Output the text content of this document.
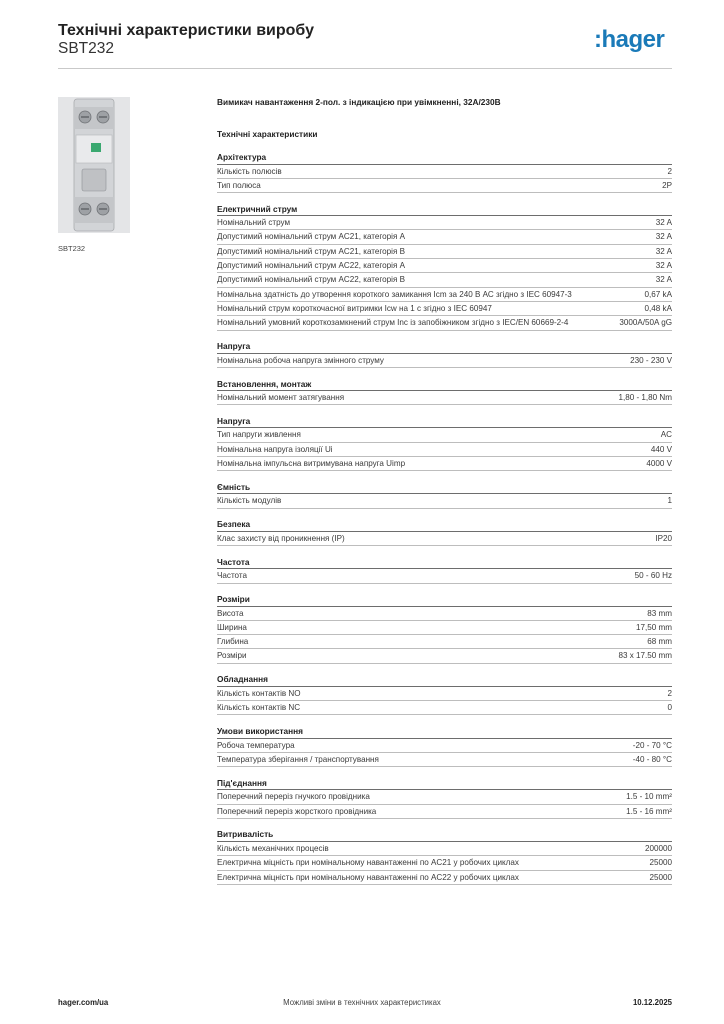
Технічні характеристики виробу
SBT232	:hager
SBT232
Вимикач навантаження 2-пол. з індикацією при увімкненні, 32А/230В
Технічні характеристики
Архітектура
Кількість полюсів	2
Тип полюса	2P
Електричний струм
Номінальний струм	32 A
Допустимий номінальний струм AC21, категорія A	32 A
Допустимий номінальний струм AC21, категорія B	32 A
Допустимий номінальний струм AC22, категорія A	32 A
Допустимий номінальний струм AC22, категорія B	32 A
Номінальна здатність до утворення короткого замикання Icm за 240 В АС згідно з IEC 60947-3	0,67 kA
Номінальний струм короткочасної витримки Icw на 1 с згідно з IEC 60947	0,48 kA
Номінальний умовний короткозамкнений струм Inc із запобіжником згідно з IEC/EN 60669-2-4	3000A/50A gG
Напруга
Номінальна робоча напруга змінного струму	230 - 230 V
Встановлення, монтаж
Номінальний момент затягування	1,80 - 1,80 Nm
Напруга
Тип напруги живлення	AC
Номінальна напруга ізоляції Ui	440 V
Номінальна імпульсна витримувана напруга Uimp	4000 V
Ємність
Кількість модулів	1
Безпека
Клас захисту від проникнення (IP)	IP20
Частота
Частота	50 - 60 Hz
Розміри
Висота	83 mm
Ширина	17,50 mm
Глибина	68 mm
Розміри	83 x 17.50 mm
Обладнання
Кількість контактів NO	2
Кількість контактів NC	0
Умови використання
Робоча температура	-20 - 70 °C
Температура зберігання / транспортування	-40 - 80 °C
Під'єднання
Поперечний переріз гнучкого провідника	1.5 - 10 mm²
Поперечний переріз жорсткого провідника	1.5 - 16 mm²
Витривалість
Кількість механічних процесів	200000
Електрична міцність при номінальному навантаженні по AC21 у робочих циклах	25000
Електрична міцність при номінальному навантаженні по AC22 у робочих циклах	25000
hager.com/ua	Можливі зміни в технічних характеристиках	10.12.2025
